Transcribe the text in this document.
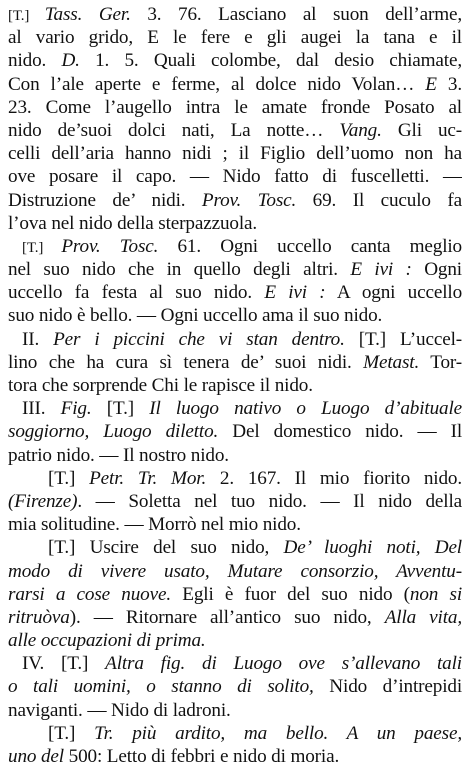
[T.] Tass. Ger. 3. 76. Lasciano al suon dell’arme,
al vario grido, E le fere e gli augei la tana e il
nido. D. 1. 5. Quali colombe, dal desio chiamate,
Con l’ale aperte e ferme, al dolce nido Volan… E 3.
23. Come l’augello intra le amate fronde Posato al
nido de’suoi dolci nati, La notte… Vang. Gli uc-
celli dell’aria hanno nidi ; il Figlio dell’uomo non ha
ove posare il capo. — Nido fatto di fuscelletti. —
Distruzione de’ nidi. Prov. Tosc. 69. Il cuculo fa
l’ova nel nido della sterpazzuola.
[T.] Prov. Tosc. 61. Ogni uccello canta meglio
nel suo nido che in quello degli altri. E ivi : Ogni
uccello fa festa al suo nido. E ivi : A ogni uccello
suo nido è bello. — Ogni uccello ama il suo nido.
II. Per i piccini che vi stan dentro. [T.] L’uccel-
lino che ha cura sì tenera de’ suoi nidi. Metast. Tor-
tora che sorprende Chi le rapisce il nido.
III. Fig. [T.] Il luogo nativo o Luogo d’abituale
soggiorno, Luogo diletto. Del domestico nido. — Il
patrio nido. — Il nostro nido.
[T.] Petr. Tr. Mor. 2. 167. Il mio fiorito nido.
(Firenze). — Soletta nel tuo nido. — Il nido della
mia solitudine. — Morrò nel mio nido.
[T.] Uscire del suo nido, De’ luoghi noti, Del
modo di vivere usato, Mutare consorzio, Avventu-
rarsi a cose nuove. Egli è fuor del suo nido (non si
ritruòva). — Ritornare all’antico suo nido, Alla vita,
alle occupazioni di prima.
IV. [T.] Altra fig. di Luogo ove s’allevano tali
o tali uomini, o stanno di solito, Nido d’intrepidi
naviganti. — Nido di ladroni.
[T.] Tr. più ardito, ma bello. A un paese,
uno del 500: Letto di febbri e nido di moria.
